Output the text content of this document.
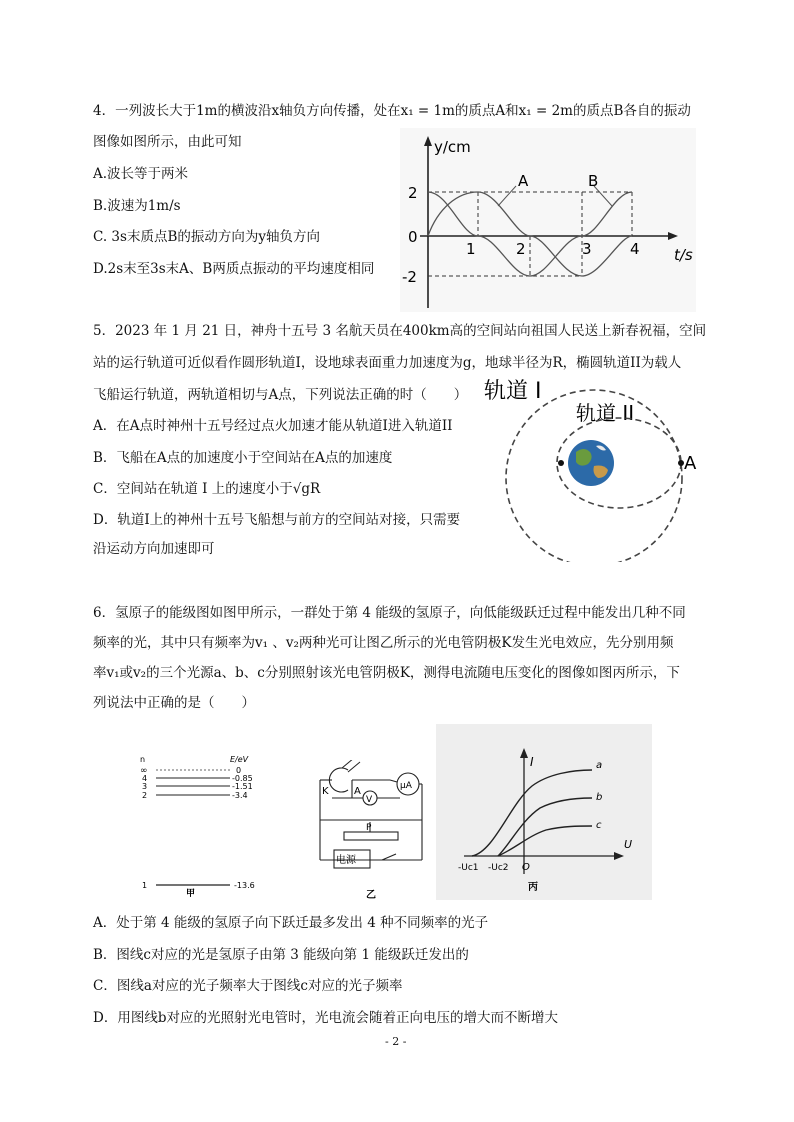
4．一列波长大于1m的横波沿x轴负方向传播，处在x₁ = 1m的质点A和x₁ = 2m的质点B各自的振动
图像如图所示，由此可知
A.波长等于两米
B.波速为1m/s
C. 3s末质点B的振动方向为y轴负方向
D.2s末至3s末A、B两质点振动的平均速度相同
y/cm
t/s
A	B
2
0
-2
1	2	3	4
5．2023 年 1 月 21 日，神舟十五号 3 名航天员在400km高的空间站向祖国人民送上新春祝福，空间
站的运行轨道可近似看作圆形轨道I，设地球表面重力加速度为g，地球半径为R，椭圆轨道II为载人
飞船运行轨道，两轨道相切与A点，下列说法正确的时（　　）
A．在A点时神州十五号经过点火加速才能从轨道I进入轨道II
B．飞船在A点的加速度小于空间站在A点的加速度
C．空间站在轨道 I 上的速度小于√gR
D．轨道I上的神州十五号飞船想与前方的空间站对接，只需要
沿运动方向加速即可
轨道 I
轨道 II
A
6．氢原子的能级图如图甲所示，一群处于第 4 能级的氢原子，向低能级跃迁过程中能发出几种不同
频率的光，其中只有频率为v₁ 、v₂两种光可让图乙所示的光电管阴极K发生光电效应，先分别用频
率v₁或v₂的三个光源a、b、c分别照射该光电管阴极K，测得电流随电压变化的图像如图丙所示，下
列说法中正确的是（　　）
n	E/eV
∞	0
4	-0.85
3	-1.51
2	-3.4
1	-13.6
甲
K	A
V
μA
P
电源
乙
I
U
O
a
b
c
-Uc1 -Uc2
丙
A．处于第 4 能级的氢原子向下跃迁最多发出 4 种不同频率的光子
B．图线c对应的光是氢原子由第 3 能级向第 1 能级跃迁发出的
C．图线a对应的光子频率大于图线c对应的光子频率
D．用图线b对应的光照射光电管时，光电流会随着正向电压的增大而不断增大
- 2 -
